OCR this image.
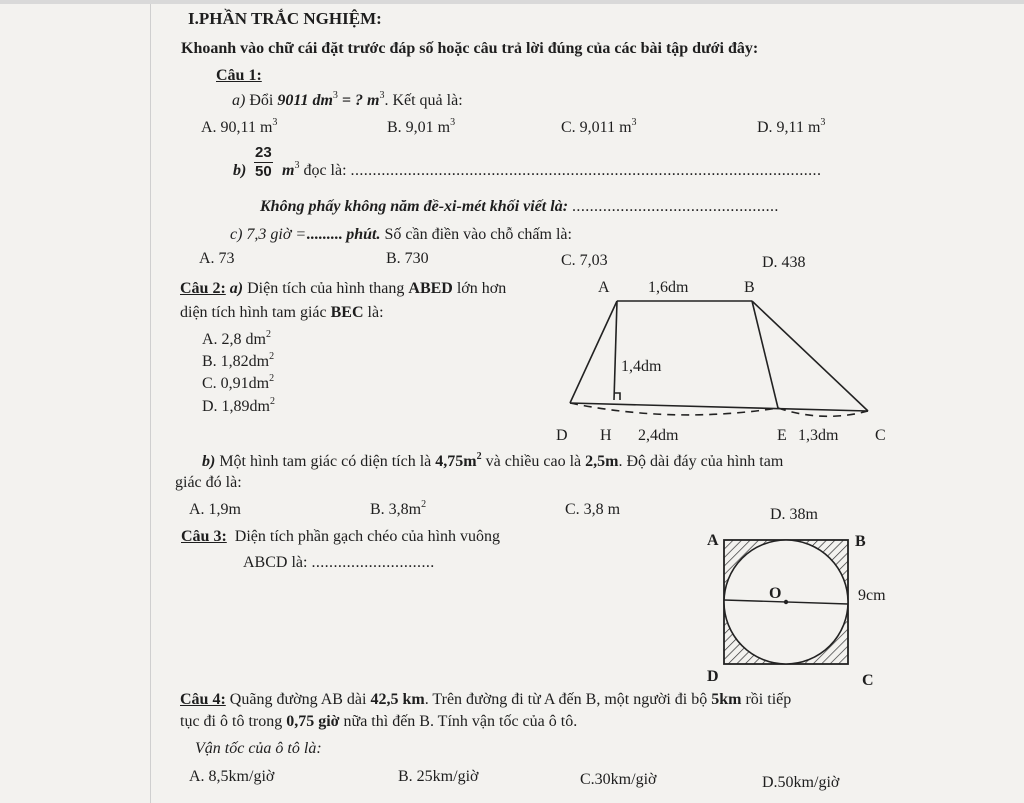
I.PHẦN TRẮC NGHIỆM:
Khoanh vào chữ cái đặt trước đáp số hoặc câu trả lời đúng của các bài tập dưới đây:
Câu 1:
a) Đổi 9011 $dm^3$ = ? $m^3$. Kết quả là:
A. 90,11 $m^3$	B. 9,01 $m^3$	C. 9,011 $m^3$	D. 9,11 $m^3$
$b) \frac{23}{50} m^3$ đọc là: ...........................................................................................................
Không phấy không năm đề-xi-mét khối viết là: ...............................................
c) 7,3 giờ =......... phút. Số cần điền vào chỗ chấm là:
A. 73	B. 730	C. 7,03	D. 438
Câu 2: a) Diện tích của hình thang ABED lớn hơn
diện tích hình tam giác BEC là:
A. 2,8 $dm^2$
B. $1,82dm^2$
C. $0,91dm^2$
D. $1,89dm^2$
A 1,6dm	B
1,4dm
D H 2,4dm	E 1,3dm C
b) Một hình tam giác có diện tích là $4,75m^2$ và chiều cao là 2,5m. Độ dài đáy của hình tam
giác đó là:
A. 1,9m	B. $3,8m^2$	C. 3,8 m	D. 38m
Câu 3: Diện tích phần gạch chéo của hình vuông
ABCD là: ............................
A	B
O	9cm
D	C
Câu 4: Quãng đường AB dài 42,5 km. Trên đường đi từ A đến B, một người đi bộ 5km rồi tiếp
tục đi ô tô trong 0,75 giờ nữa thì đến B. Tính vận tốc của ô tô.
Vận tốc của ô tô là:
A. 8,5km/giờ	B. 25km/giờ	C.30km/giờ	D.50km/giờ
